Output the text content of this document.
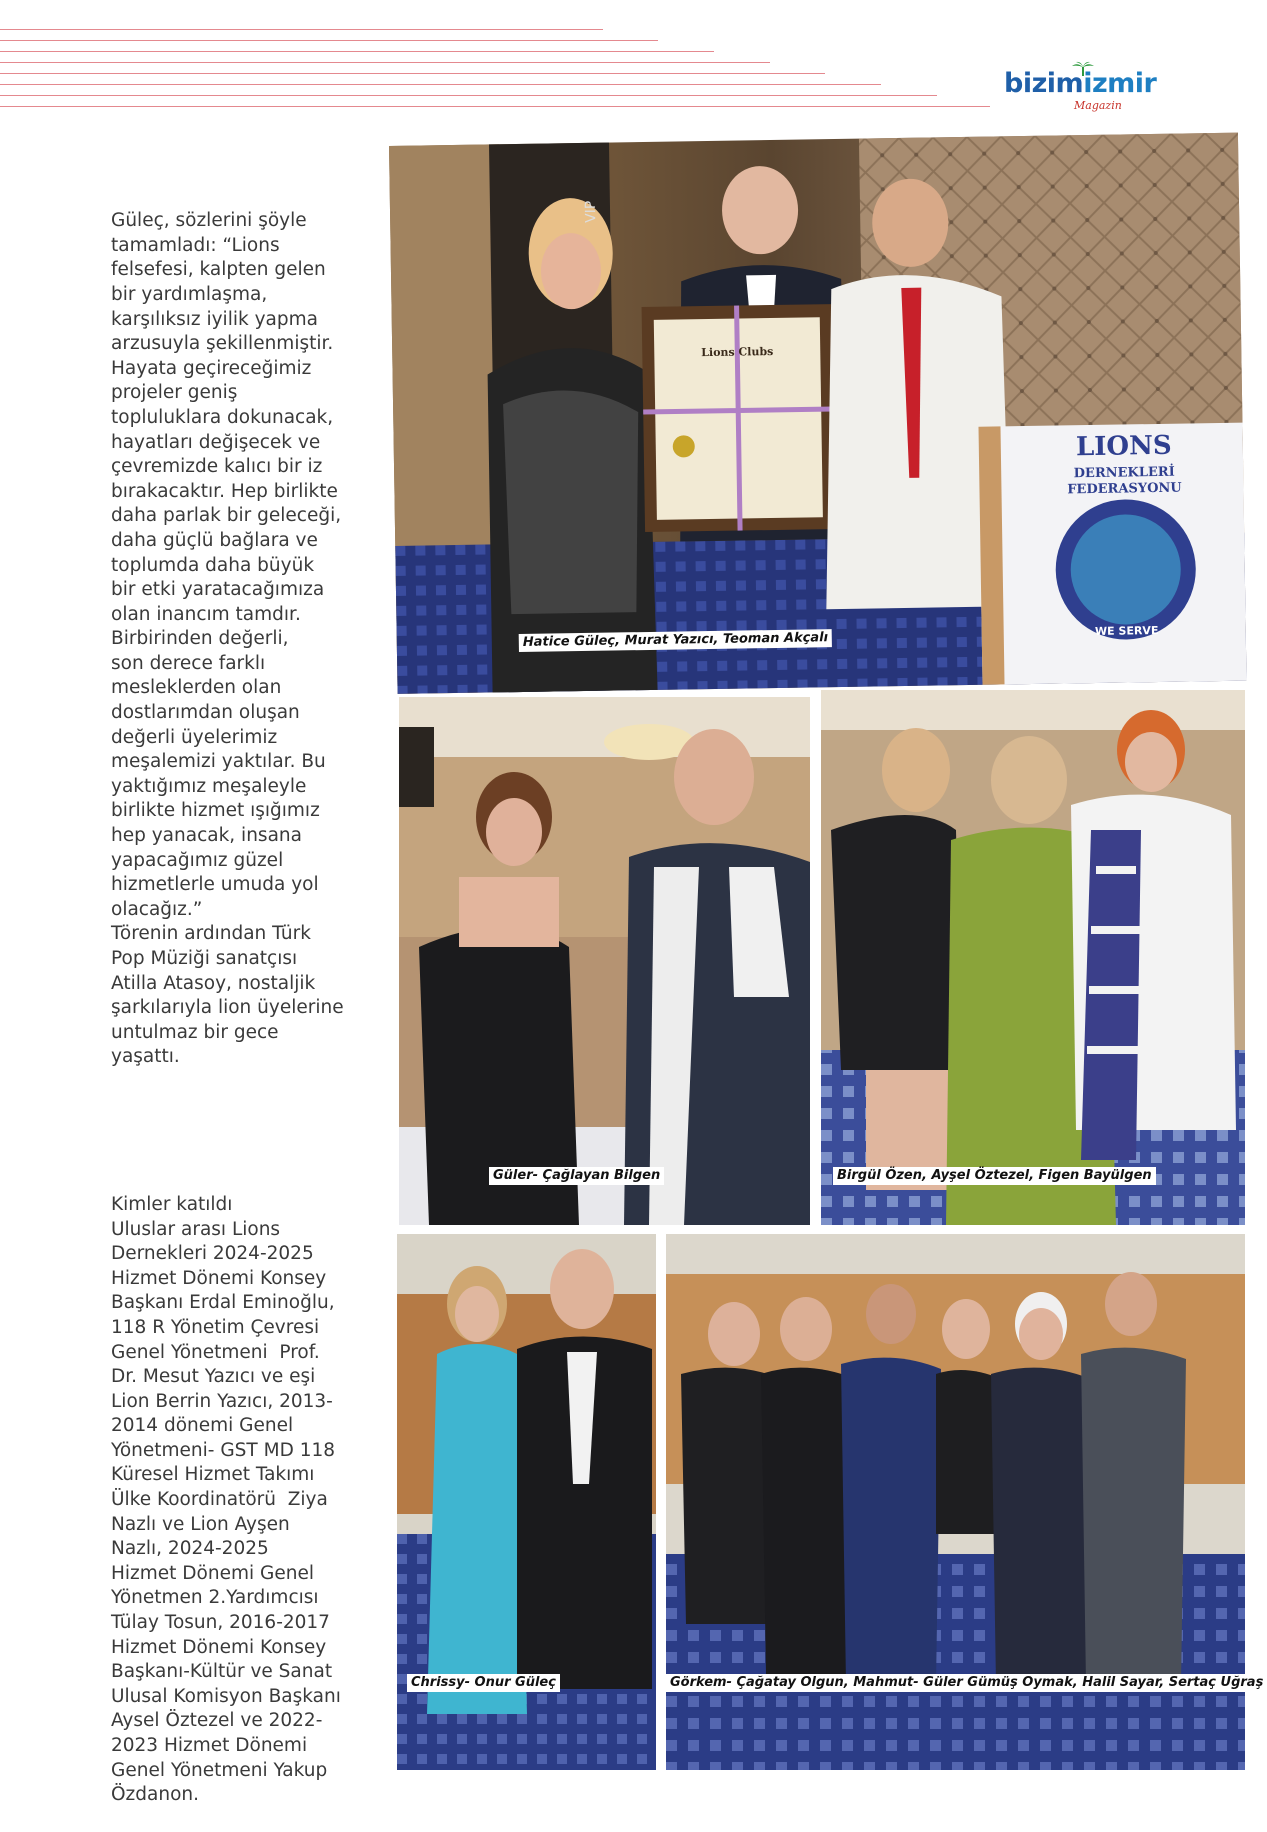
bizimizmir
Magazin

Güleç, sözlerini şöyle
tamamladı: “Lions
felsefesi, kalpten gelen
bir yardımlaşma,
karşılıksız iyilik yapma
arzusuyla şekillenmiştir.
Hayata geçireceğimiz
projeler geniş
topluluklara dokunacak,
hayatları değişecek ve
çevremizde kalıcı bir iz
bırakacaktır. Hep birlikte
daha parlak bir geleceği,
daha güçlü bağlara ve
toplumda daha büyük
bir etki yaratacağımıza
olan inancım tamdır.
Birbirinden değerli,
son derece farklı
mesleklerden olan
dostlarımdan oluşan
değerli üyelerimiz
meşalemizi yaktılar. Bu
yaktığımız meşaleyle
birlikte hizmet ışığımız
hep yanacak, insana
yapacağımız güzel
hizmetlerle umuda yol
olacağız.”
Törenin ardından Türk
Pop Müziği sanatçısı
Atilla Atasoy, nostaljik
şarkılarıyla lion üyelerine
untulmaz bir gece
yaşattı.

Kimler katıldı
Uluslar arası Lions
Dernekleri 2024-2025
Hizmet Dönemi Konsey
Başkanı Erdal Eminoğlu,
118 R Yönetim Çevresi
Genel Yönetmeni  Prof.
Dr. Mesut Yazıcı ve eşi
Lion Berrin Yazıcı, 2013-
2014 dönemi Genel
Yönetmeni- GST MD 118
Küresel Hizmet Takımı
Ülke Koordinatörü  Ziya
Nazlı ve Lion Ayşen
Nazlı, 2024-2025
Hizmet Dönemi Genel
Yönetmen 2.Yardımcısı
Tülay Tosun, 2016-2017
Hizmet Dönemi Konsey
Başkanı-Kültür ve Sanat
Ulusal Komisyon Başkanı
Aysel Öztezel ve 2022-
2023 Hizmet Dönemi
Genel Yönetmeni Yakup
Özdanon.

LIONS
DERNEKLERİ
FEDERASYONU
WE SERVE
VIP
Lions Clubs
Hatice Güleç, Murat Yazıcı, Teoman Akçalı
Güler- Çağlayan Bilgen	Birgül Özen, Ayşel Öztezel, Figen Bayülgen
Chrissy- Onur Güleç	Görkem- Çağatay Olgun, Mahmut- Güler Gümüş Oymak, Halil Sayar, Sertaç Uğraş
